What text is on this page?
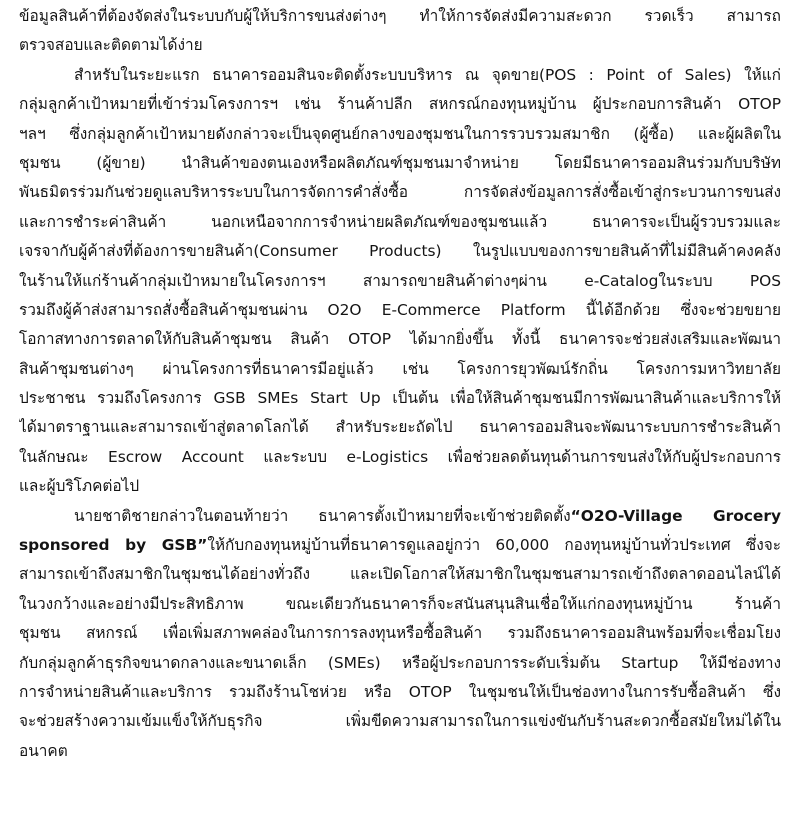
ข้อมูลสินค้าที่ต้องจัดส่งในระบบกับผู้ให้บริการขนส่งต่างๆ ทำให้การจัดส่งมีความสะดวก รวดเร็ว สามารถ
ตรวจสอบและติดตามได้ง่าย
สำหรับในระยะแรก ธนาคารออมสินจะติดตั้งระบบบริหาร ณ จุดขาย(POS : Point of Sales) ให้แก่
กลุ่มลูกค้าเป้าหมายที่เข้าร่วมโครงการฯ เช่น ร้านค้าปลีก สหกรณ์กองทุนหมู่บ้าน ผู้ประกอบการสินค้า OTOP
ฯลฯ ซึ่งกลุ่มลูกค้าเป้าหมายดังกล่าวจะเป็นจุดศูนย์กลางของชุมชนในการรวบรวมสมาชิก (ผู้ซื้อ) และผู้ผลิตใน
ชุมชน (ผู้ขาย) นำสินค้าของตนเองหรือผลิตภัณฑ์ชุมชนมาจำหน่าย โดยมีธนาคารออมสินร่วมกับบริษัท
พันธมิตรร่วมกันช่วยดูแลบริหารระบบในการจัดการคำสั่งซื้อ การจัดส่งข้อมูลการสั่งซื้อเข้าสู่กระบวนการขนส่ง
และการชำระค่าสินค้า นอกเหนือจากการจำหน่ายผลิตภัณฑ์ของชุมชนแล้ว ธนาคารจะเป็นผู้รวบรวมและ
เจรจากับผู้ค้าส่งที่ต้องการขายสินค้า(Consumer Products) ในรูปแบบของการขายสินค้าที่ไม่มีสินค้าคงคลัง
ในร้านให้แก่ร้านค้ากลุ่มเป้าหมายในโครงการฯ สามารถขายสินค้าต่างๆผ่าน e-Catalogในระบบ POS
รวมถึงผู้ค้าส่งสามารถสั่งซื้อสินค้าชุมชนผ่าน O2O E-Commerce Platform นี้ได้อีกด้วย ซึ่งจะช่วยขยาย
โอกาสทางการตลาดให้กับสินค้าชุมชน สินค้า OTOP ได้มากยิ่งขึ้น ทั้งนี้ ธนาคารจะช่วยส่งเสริมและพัฒนา
สินค้าชุมชนต่างๆ ผ่านโครงการที่ธนาคารมีอยู่แล้ว เช่น โครงการยุวพัฒน์รักถิ่น โครงการมหาวิทยาลัย
ประชาชน รวมถึงโครงการ GSB SMEs Start Up เป็นต้น เพื่อให้สินค้าชุมชนมีการพัฒนาสินค้าและบริการให้
ได้มาตราฐานและสามารถเข้าสู่ตลาดโลกได้ สำหรับระยะถัดไป ธนาคารออมสินจะพัฒนาระบบการชำระสินค้า
ในลักษณะ Escrow Account และระบบ e-Logistics เพื่อช่วยลดต้นทุนด้านการขนส่งให้กับผู้ประกอบการ
และผู้บริโภคต่อไป
นายชาติชายกล่าวในตอนท้ายว่า ธนาคารตั้งเป้าหมายที่จะเข้าช่วยติดตั้ง“O2O-Village Grocery
sponsored by GSB”ให้กับกองทุนหมู่บ้านที่ธนาคารดูแลอยู่กว่า 60,000 กองทุนหมู่บ้านทั่วประเทศ ซึ่งจะ
สามารถเข้าถึงสมาชิกในชุมชนได้อย่างทั่วถึง และเปิดโอกาสให้สมาชิกในชุมชนสามารถเข้าถึงตลาดออนไลน์ได้
ในวงกว้างและอย่างมีประสิทธิภาพ ขณะเดียวกันธนาคารก็จะสนันสนุนสินเชื่อให้แก่กองทุนหมู่บ้าน ร้านค้า
ชุมชน สหกรณ์ เพื่อเพิ่มสภาพคล่องในการการลงทุนหรือซื้อสินค้า รวมถึงธนาคารออมสินพร้อมที่จะเชื่อมโยง
กับกลุ่มลูกค้าธุรกิจขนาดกลางและขนาดเล็ก (SMEs) หรือผู้ประกอบการระดับเริ่มต้น Startup ให้มีช่องทาง
การจำหน่ายสินค้าและบริการ รวมถึงร้านโชห่วย หรือ OTOP ในชุมชนให้เป็นช่องทางในการรับซื้อสินค้า ซึ่ง
จะช่วยสร้างความเข้มแข็งให้กับธุรกิจ เพิ่มขีดความสามารถในการแข่งขันกับร้านสะดวกซื้อสมัยใหม่ได้ใน
อนาคต
